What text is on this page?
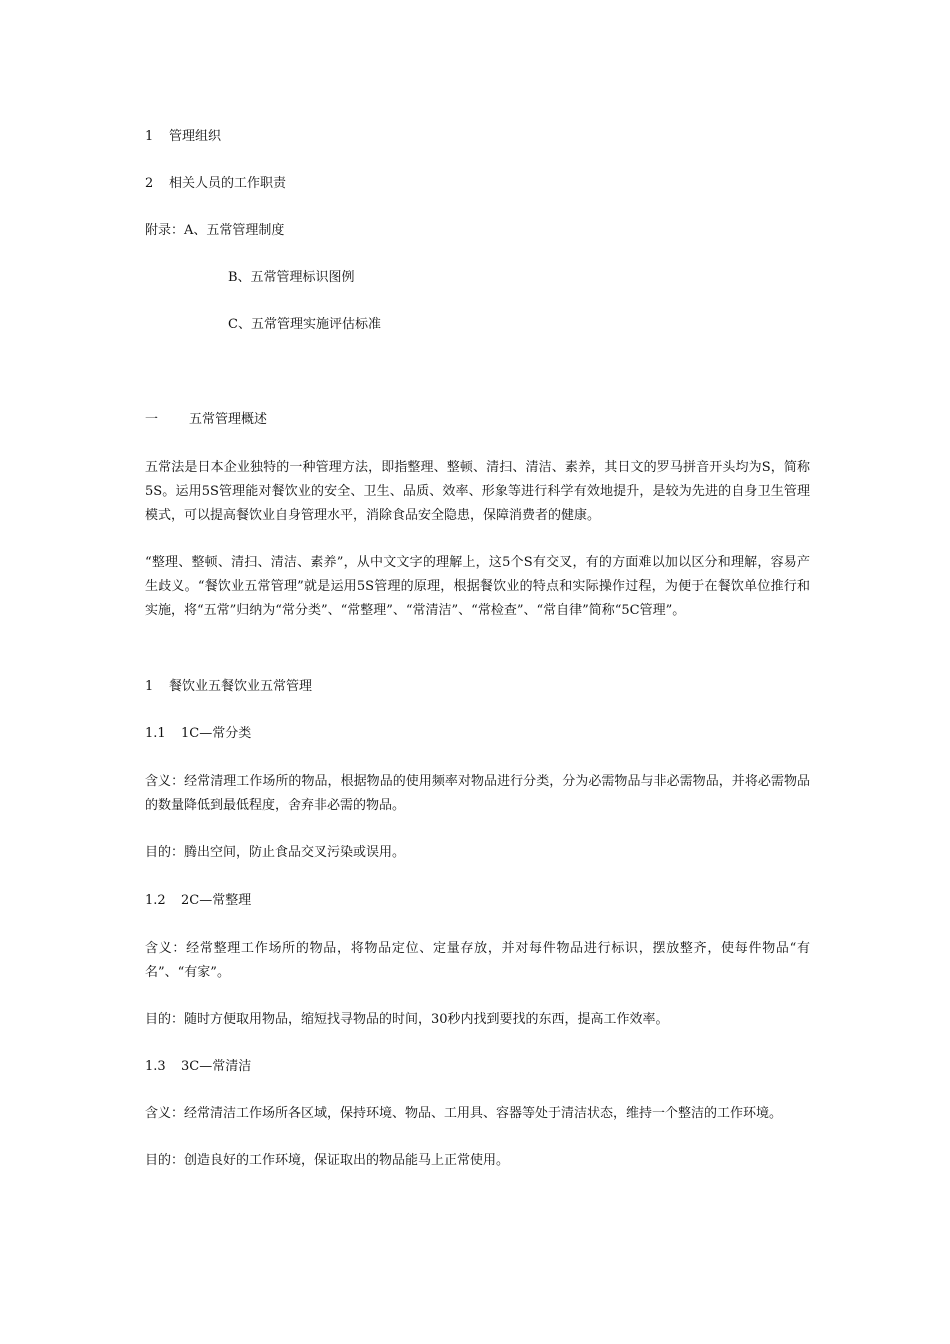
1 管理组织
2 相关人员的工作职责
附录：A、五常管理制度
B、五常管理标识图例
C、五常管理实施评估标准
一 五常管理概述
五常法是日本企业独特的一种管理方法，即指整理、整顿、清扫、清洁、素养，其日文的罗马拼音开头均为S，简称5S。运用5S管理能对餐饮业的安全、卫生、品质、效率、形象等进行科学有效地提升，是较为先进的自身卫生管理模式，可以提高餐饮业自身管理水平，消除食品安全隐患，保障消费者的健康。
“整理、整顿、清扫、清洁、素养”，从中文文字的理解上，这5个S有交叉，有的方面难以加以区分和理解，容易产生歧义。“餐饮业五常管理”就是运用5S管理的原理，根据餐饮业的特点和实际操作过程，为便于在餐饮单位推行和实施，将“五常”归纳为“常分类”、“常整理”、“常清洁”、“常检查”、“常自律”简称“5C管理”。
1 餐饮业五餐饮业五常管理
1.1 1C—常分类
含义：经常清理工作场所的物品，根据物品的使用频率对物品进行分类，分为必需物品与非必需物品，并将必需物品的数量降低到最低程度，舍弃非必需的物品。
目的：腾出空间，防止食品交叉污染或误用。
1.2 2C—常整理
含义：经常整理工作场所的物品，将物品定位、定量存放，并对每件物品进行标识，摆放整齐，使每件物品“有名”、“有家”。
目的：随时方便取用物品，缩短找寻物品的时间，30秒内找到要找的东西，提高工作效率。
1.3 3C—常清洁
含义：经常清洁工作场所各区域，保持环境、物品、工用具、容器等处于清洁状态，维持一个整洁的工作环境。
目的：创造良好的工作环境，保证取出的物品能马上正常使用。
